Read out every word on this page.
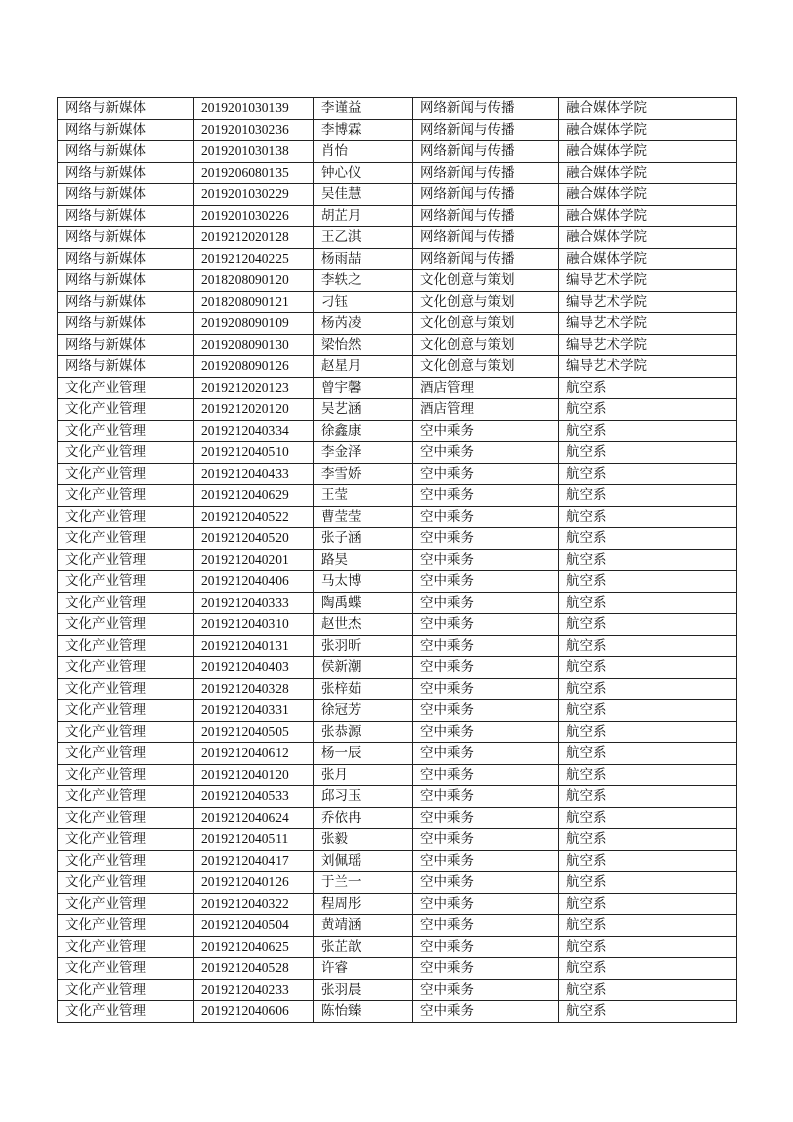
网络与新媒体	2019201030139	李谨益	网络新闻与传播	融合媒体学院
网络与新媒体	2019201030236	李博霖	网络新闻与传播	融合媒体学院
网络与新媒体	2019201030138	肖怡	网络新闻与传播	融合媒体学院
网络与新媒体	2019206080135	钟心仪	网络新闻与传播	融合媒体学院
网络与新媒体	2019201030229	吴佳慧	网络新闻与传播	融合媒体学院
网络与新媒体	2019201030226	胡芷月	网络新闻与传播	融合媒体学院
网络与新媒体	2019212020128	王乙淇	网络新闻与传播	融合媒体学院
网络与新媒体	2019212040225	杨雨喆	网络新闻与传播	融合媒体学院
网络与新媒体	2018208090120	李轶之	文化创意与策划	编导艺术学院
网络与新媒体	2018208090121	刁钰	文化创意与策划	编导艺术学院
网络与新媒体	2019208090109	杨芮凌	文化创意与策划	编导艺术学院
网络与新媒体	2019208090130	梁怡然	文化创意与策划	编导艺术学院
网络与新媒体	2019208090126	赵星月	文化创意与策划	编导艺术学院
文化产业管理	2019212020123	曾宇馨	酒店管理	航空系
文化产业管理	2019212020120	吴艺涵	酒店管理	航空系
文化产业管理	2019212040334	徐鑫康	空中乘务	航空系
文化产业管理	2019212040510	李金泽	空中乘务	航空系
文化产业管理	2019212040433	李雪娇	空中乘务	航空系
文化产业管理	2019212040629	王莹	空中乘务	航空系
文化产业管理	2019212040522	曹莹莹	空中乘务	航空系
文化产业管理	2019212040520	张子涵	空中乘务	航空系
文化产业管理	2019212040201	路昊	空中乘务	航空系
文化产业管理	2019212040406	马太博	空中乘务	航空系
文化产业管理	2019212040333	陶禹蝶	空中乘务	航空系
文化产业管理	2019212040310	赵世杰	空中乘务	航空系
文化产业管理	2019212040131	张羽昕	空中乘务	航空系
文化产业管理	2019212040403	侯新潮	空中乘务	航空系
文化产业管理	2019212040328	张梓茹	空中乘务	航空系
文化产业管理	2019212040331	徐冠芳	空中乘务	航空系
文化产业管理	2019212040505	张恭源	空中乘务	航空系
文化产业管理	2019212040612	杨一辰	空中乘务	航空系
文化产业管理	2019212040120	张月	空中乘务	航空系
文化产业管理	2019212040533	邱习玉	空中乘务	航空系
文化产业管理	2019212040624	乔依冉	空中乘务	航空系
文化产业管理	2019212040511	张毅	空中乘务	航空系
文化产业管理	2019212040417	刘佩瑶	空中乘务	航空系
文化产业管理	2019212040126	于兰一	空中乘务	航空系
文化产业管理	2019212040322	程周彤	空中乘务	航空系
文化产业管理	2019212040504	黄靖涵	空中乘务	航空系
文化产业管理	2019212040625	张芷歆	空中乘务	航空系
文化产业管理	2019212040528	许睿	空中乘务	航空系
文化产业管理	2019212040233	张羽晨	空中乘务	航空系
文化产业管理	2019212040606	陈怡臻	空中乘务	航空系
